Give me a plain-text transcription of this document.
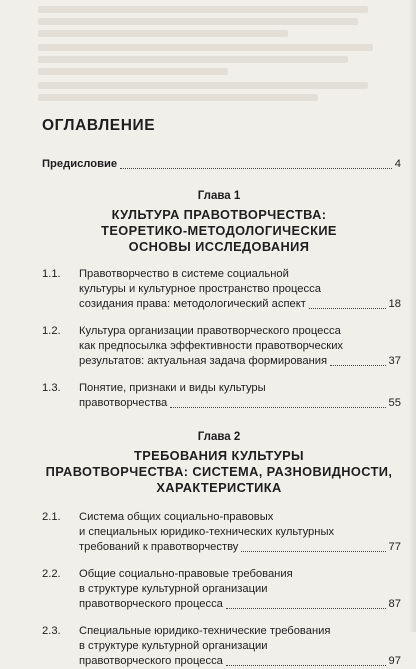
ОГЛАВЛЕНИЕ
Предисловие	4
Глава 1
КУЛЬТУРА ПРАВОТВОРЧЕСТВА:
ТЕОРЕТИКО-МЕТОДОЛОГИЧЕСКИЕ
ОСНОВЫ ИССЛЕДОВАНИЯ
1.1.	Правотворчество в системе социальной
культуры и культурное пространство процесса
созидания права: методологический аспект	18
1.2.	Культура организации правотворческого процесса
как предпосылка эффективности правотворческих
результатов: актуальная задача формирования	37
1.3.	Понятие, признаки и виды культуры
правотворчества	55
Глава 2
ТРЕБОВАНИЯ КУЛЬТУРЫ
ПРАВОТВОРЧЕСТВА: СИСТЕМА, РАЗНОВИДНОСТИ,
ХАРАКТЕРИСТИКА
2.1.	Система общих социально-правовых
и специальных юридико-технических культурных
требований к правотворчеству	77
2.2.	Общие социально-правовые требования
в структуре культурной организации
правотворческого процесса	87
2.3.	Специальные юридико-технические требования
в структуре культурной организации
правотворческого процесса	97
